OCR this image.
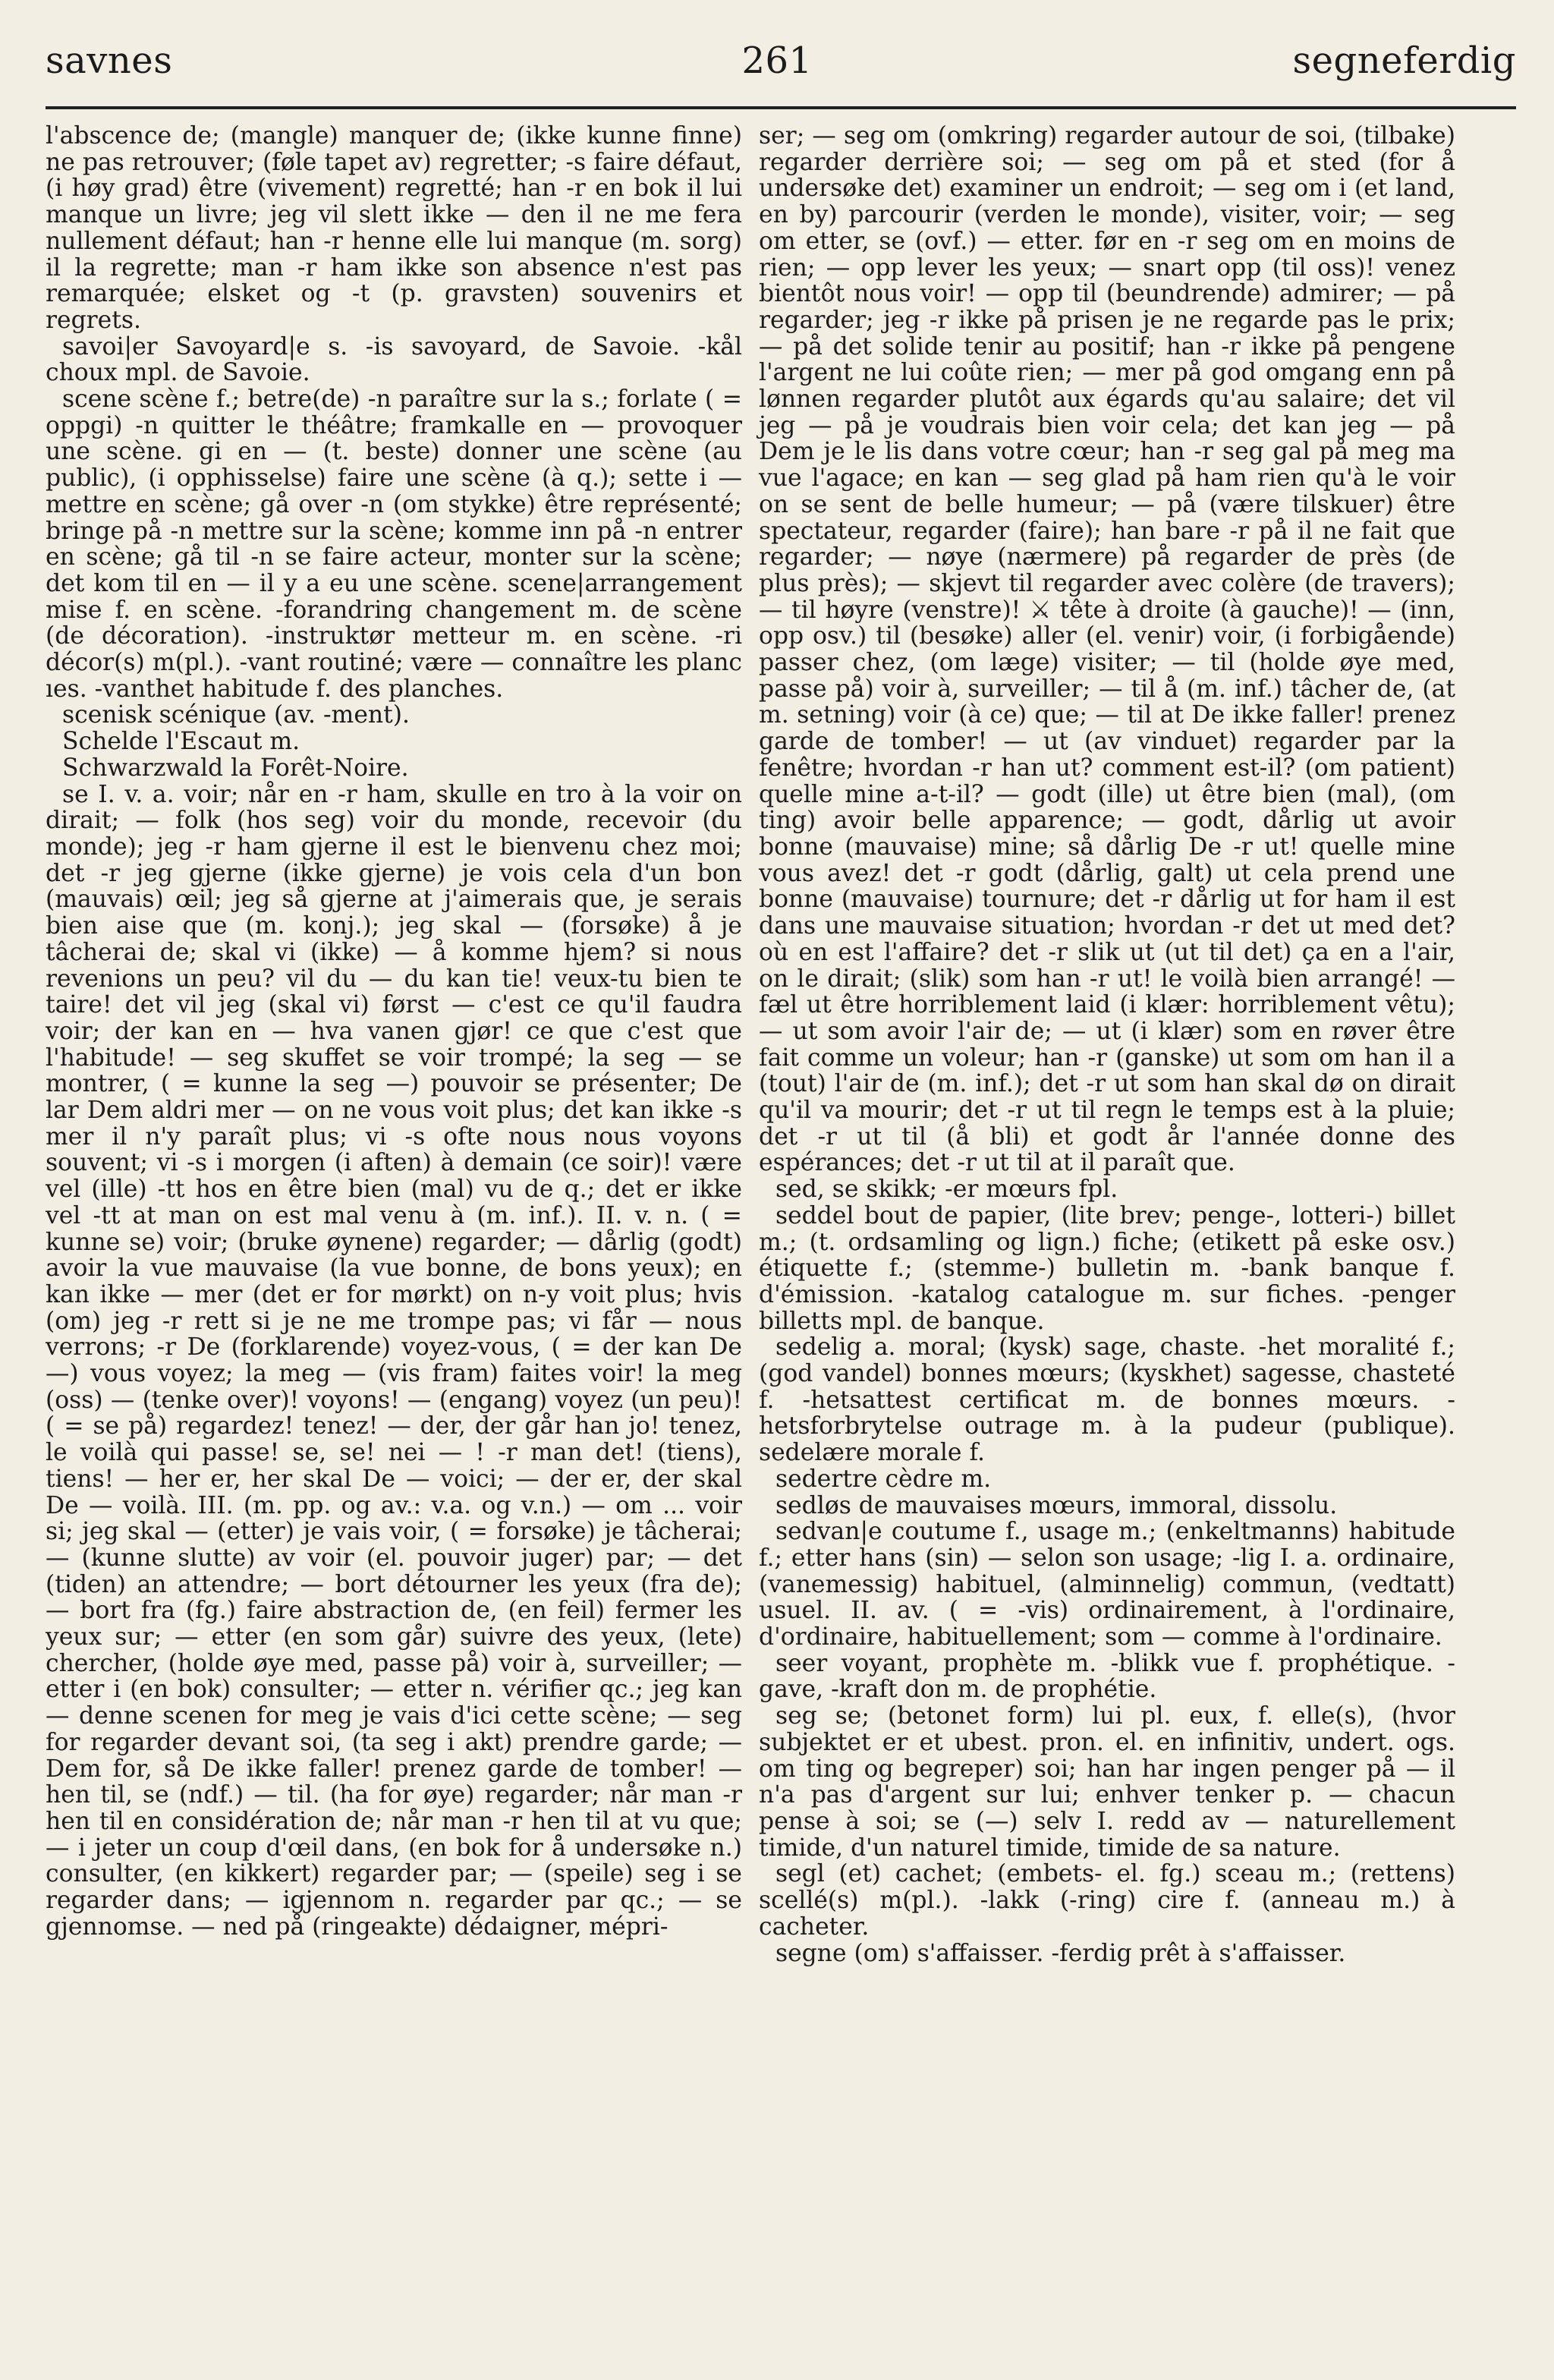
261
savnes	segneferdig

l'abscence de; (mangle) manquer de; (ikke kunne finne) ne pas retrouver; (føle tapet av) regretter; -s faire défaut, (i høy grad) être (vivement) regretté; han -r en bok il lui manque un livre; jeg vil slett ikke — den il ne me fera nullement défaut; han -r henne elle lui manque (m. sorg) il la regrette; man -r ham ikke son absence n'est pas remarquée; elsket og -t (p. gravsten) souvenirs et regrets.

savoi|er Savoyard|e s. -is savoyard, de Savoie. -kål choux mpl. de Savoie.

scene scène f.; betre(de) -n paraître sur la s.; forlate ( = oppgi) -n quitter le théâtre; framkalle en — provoquer une scène. gi en — (t. beste) donner une scène (au public), (i opphisselse) faire une scène (à q.); sette i — mettre en scène; gå over -n (om stykke) être représenté; bringe på -n mettre sur la scène; komme inn på -n entrer en scène; gå til -n se faire acteur, monter sur la scène; det kom til en — il y a eu une scène. scene|arrangement mise f. en scène. -forandring changement m. de scène (de décoration). -instruktør metteur m. en scène. -ri décor(s) m(pl.). -vant routiné; være — connaître les planc ıes. -vanthet habitude f. des planches.

scenisk scénique (av. -ment).

Schelde l'Escaut m.

Schwarzwald la Forêt-Noire.

se I. v. a. voir; når en -r ham, skulle en tro à la voir on dirait; — folk (hos seg) voir du monde, recevoir (du monde); jeg -r ham gjerne il est le bienvenu chez moi; det -r jeg gjerne (ikke gjerne) je vois cela d'un bon (mauvais) œil; jeg så gjerne at j'aimerais que, je serais bien aise que (m. konj.); jeg skal — (forsøke) å je tâcherai de; skal vi (ikke) — å komme hjem? si nous revenions un peu? vil du — du kan tie! veux-tu bien te taire! det vil jeg (skal vi) først — c'est ce qu'il faudra voir; der kan en — hva vanen gjør! ce que c'est que l'habitude! — seg skuffet se voir trompé; la seg — se montrer, ( = kunne la seg —) pouvoir se présenter; De lar Dem aldri mer — on ne vous voit plus; det kan ikke -s mer il n'y paraît plus; vi -s ofte nous nous voyons souvent; vi -s i morgen (i aften) à demain (ce soir)! være vel (ille) -tt hos en être bien (mal) vu de q.; det er ikke vel -tt at man on est mal venu à (m. inf.). II. v. n. ( = kunne se) voir; (bruke øynene) regarder; — dårlig (godt) avoir la vue mauvaise (la vue bonne, de bons yeux); en kan ikke — mer (det er for mørkt) on n-y voit plus; hvis (om) jeg -r rett si je ne me trompe pas; vi får — nous verrons; -r De (forklarende) voyez-vous, ( = der kan De —) vous voyez; la meg — (vis fram) faites voir! la meg (oss) — (tenke over)! voyons! — (engang) voyez (un peu)! ( = se på) regardez! tenez! — der, der går han jo! tenez, le voilà qui passe! se, se! nei — ! -r man det! (tiens), tiens! — her er, her skal De — voici; — der er, der skal De — voilà. III. (m. pp. og av.: v.a. og v.n.) — om ... voir si; jeg skal — (etter) je vais voir, ( = forsøke) je tâcherai; — (kunne slutte) av voir (el. pouvoir juger) par; — det (tiden) an attendre; — bort détourner les yeux (fra de); — bort fra (fg.) faire abstraction de, (en feil) fermer les yeux sur; — etter (en som går) suivre des yeux, (lete) chercher, (holde øye med, passe på) voir à, surveiller; — etter i (en bok) consulter; — etter n. vérifier qc.; jeg kan — denne scenen for meg je vais d'ici cette scène; — seg for regarder devant soi, (ta seg i akt) prendre garde; — Dem for, så De ikke faller! prenez garde de tomber! — hen til, se (ndf.) — til. (ha for øye) regarder; når man -r hen til en considération de; når man -r hen til at vu que; — i jeter un coup d'œil dans, (en bok for å undersøke n.) consulter, (en kikkert) regarder par; — (speile) seg i se regarder dans; — igjennom n. regarder par qc.; — se gjennomse. — ned på (ringeakte) dédaigner, mépri-

ser; — seg om (omkring) regarder autour de soi, (tilbake) regarder derrière soi; — seg om på et sted (for å undersøke det) examiner un endroit; — seg om i (et land, en by) parcourir (verden le monde), visiter, voir; — seg om etter, se (ovf.) — etter. før en -r seg om en moins de rien; — opp lever les yeux; — snart opp (til oss)! venez bientôt nous voir! — opp til (beundrende) admirer; — på regarder; jeg -r ikke på prisen je ne regarde pas le prix; — på det solide tenir au positif; han -r ikke på pengene l'argent ne lui coûte rien; — mer på god omgang enn på lønnen regarder plutôt aux égards qu'au salaire; det vil jeg — på je voudrais bien voir cela; det kan jeg — på Dem je le lis dans votre cœur; han -r seg gal på meg ma vue l'agace; en kan — seg glad på ham rien qu'à le voir on se sent de belle humeur; — på (være tilskuer) être spectateur, regarder (faire); han bare -r på il ne fait que regarder; — nøye (nærmere) på regarder de près (de plus près); — skjevt til regarder avec colère (de travers); — til høyre (venstre)! ⚔ tête à droite (à gauche)! — (inn, opp osv.) til (besøke) aller (el. venir) voir, (i forbigående) passer chez, (om læge) visiter; — til (holde øye med, passe på) voir à, surveiller; — til å (m. inf.) tâcher de, (at m. setning) voir (à ce) que; — til at De ikke faller! prenez garde de tomber! — ut (av vinduet) regarder par la fenêtre; hvordan -r han ut? comment est-il? (om patient) quelle mine a-t-il? — godt (ille) ut être bien (mal), (om ting) avoir belle apparence; — godt, dårlig ut avoir bonne (mauvaise) mine; så dårlig De -r ut! quelle mine vous avez! det -r godt (dårlig, galt) ut cela prend une bonne (mauvaise) tournure; det -r dårlig ut for ham il est dans une mauvaise situation; hvordan -r det ut med det? où en est l'affaire? det -r slik ut (ut til det) ça en a l'air, on le dirait; (slik) som han -r ut! le voilà bien arrangé! — fæl ut être horriblement laid (i klær: horriblement vêtu); — ut som avoir l'air de; — ut (i klær) som en røver être fait comme un voleur; han -r (ganske) ut som om han il a (tout) l'air de (m. inf.); det -r ut som han skal dø on dirait qu'il va mourir; det -r ut til regn le temps est à la pluie; det -r ut til (å bli) et godt år l'année donne des espérances; det -r ut til at il paraît que.

sed, se skikk; -er mœurs fpl.

seddel bout de papier, (lite brev; penge-, lotteri-) billet m.; (t. ordsamling og lign.) fiche; (etikett på eske osv.) étiquette f.; (stemme-) bulletin m. -bank banque f. d'émission. -katalog catalogue m. sur fiches. -penger billetts mpl. de banque.

sedelig a. moral; (kysk) sage, chaste. -het moralité f.; (god vandel) bonnes mœurs; (kyskhet) sagesse, chasteté f. -hetsattest certificat m. de bonnes mœurs. -hetsforbrytelse outrage m. à la pudeur (publique). sedelære morale f.

sedertre cèdre m.

sedløs de mauvaises mœurs, immoral, dissolu.

sedvan|e coutume f., usage m.; (enkeltmanns) habitude f.; etter hans (sin) — selon son usage; -lig I. a. ordinaire, (vanemessig) habituel, (alminnelig) commun, (vedtatt) usuel. II. av. ( = -vis) ordinairement, à l'ordinaire, d'ordinaire, habituellement; som — comme à l'ordinaire.

seer voyant, prophète m. -blikk vue f. prophétique. -gave, -kraft don m. de prophétie.

seg se; (betonet form) lui pl. eux, f. elle(s), (hvor subjektet er et ubest. pron. el. en infinitiv, undert. ogs. om ting og begreper) soi; han har ingen penger på — il n'a pas d'argent sur lui; enhver tenker p. — chacun pense à soi; se (—) selv I. redd av — naturellement timide, d'un naturel timide, timide de sa nature.

segl (et) cachet; (embets- el. fg.) sceau m.; (rettens) scellé(s) m(pl.). -lakk (-ring) cire f. (anneau m.) à cacheter.

segne (om) s'affaisser. -ferdig prêt à s'affaisser.
